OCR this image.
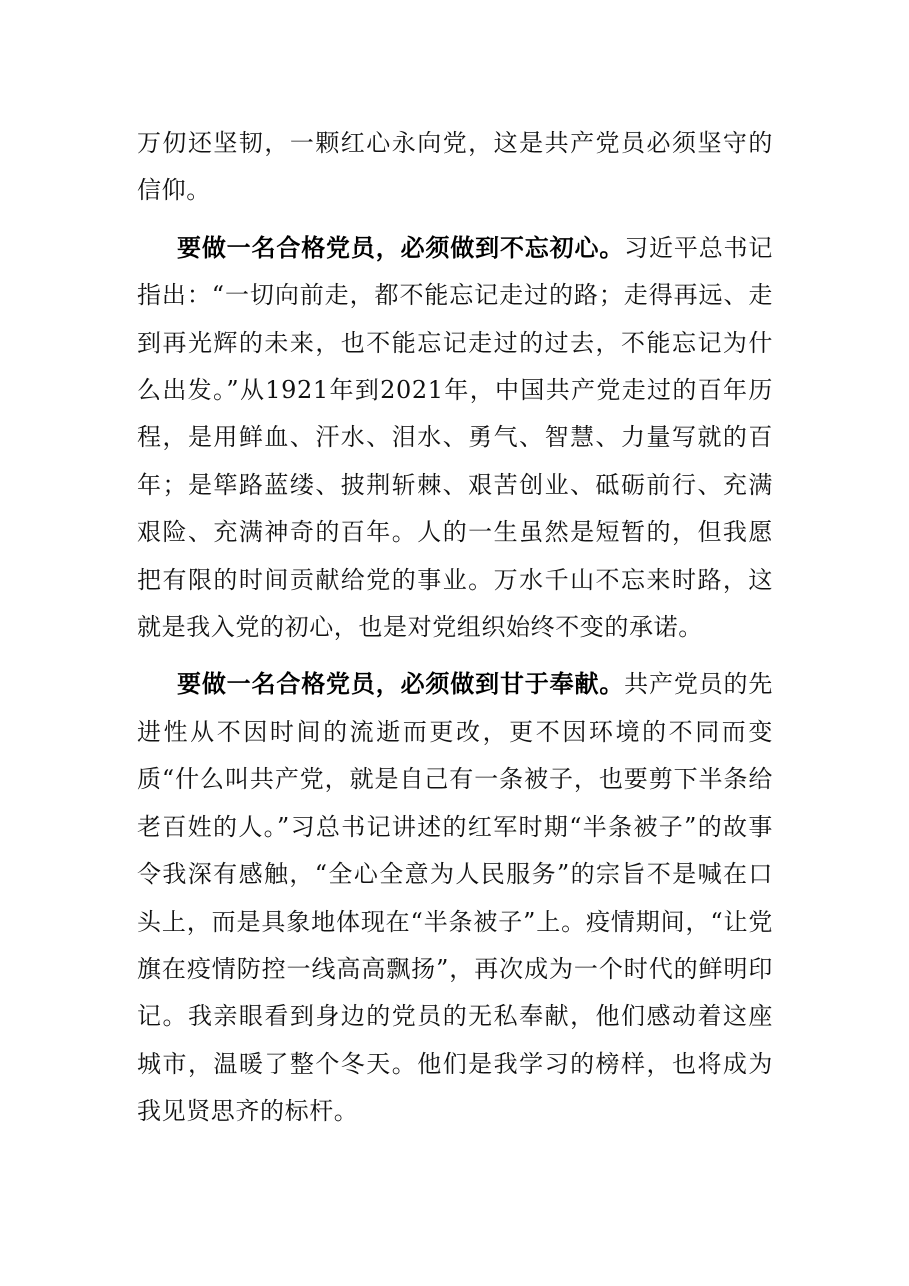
万仞还坚韧，一颗红心永向党，这是共产党员必须坚守的信仰。

要做一名合格党员，必须做到不忘初心。习近平总书记指出：“一切向前走，都不能忘记走过的路；走得再远、走到再光辉的未来，也不能忘记走过的过去，不能忘记为什么出发。”从1921年到2021年，中国共产党走过的百年历程，是用鲜血、汗水、泪水、勇气、智慧、力量写就的百年；是筚路蓝缕、披荆斩棘、艰苦创业、砥砺前行、充满艰险、充满神奇的百年。人的一生虽然是短暂的，但我愿把有限的时间贡献给党的事业。万水千山不忘来时路，这就是我入党的初心，也是对党组织始终不变的承诺。

要做一名合格党员，必须做到甘于奉献。共产党员的先进性从不因时间的流逝而更改，更不因环境的不同而变质“什么叫共产党，就是自己有一条被子，也要剪下半条给老百姓的人。”习总书记讲述的红军时期“半条被子”的故事令我深有感触，“全心全意为人民服务”的宗旨不是喊在口头上，而是具象地体现在“半条被子”上。疫情期间，“让党旗在疫情防控一线高高飘扬”，再次成为一个时代的鲜明印记。我亲眼看到身边的党员的无私奉献，他们感动着这座城市，温暖了整个冬天。他们是我学习的榜样，也将成为我见贤思齐的标杆。
